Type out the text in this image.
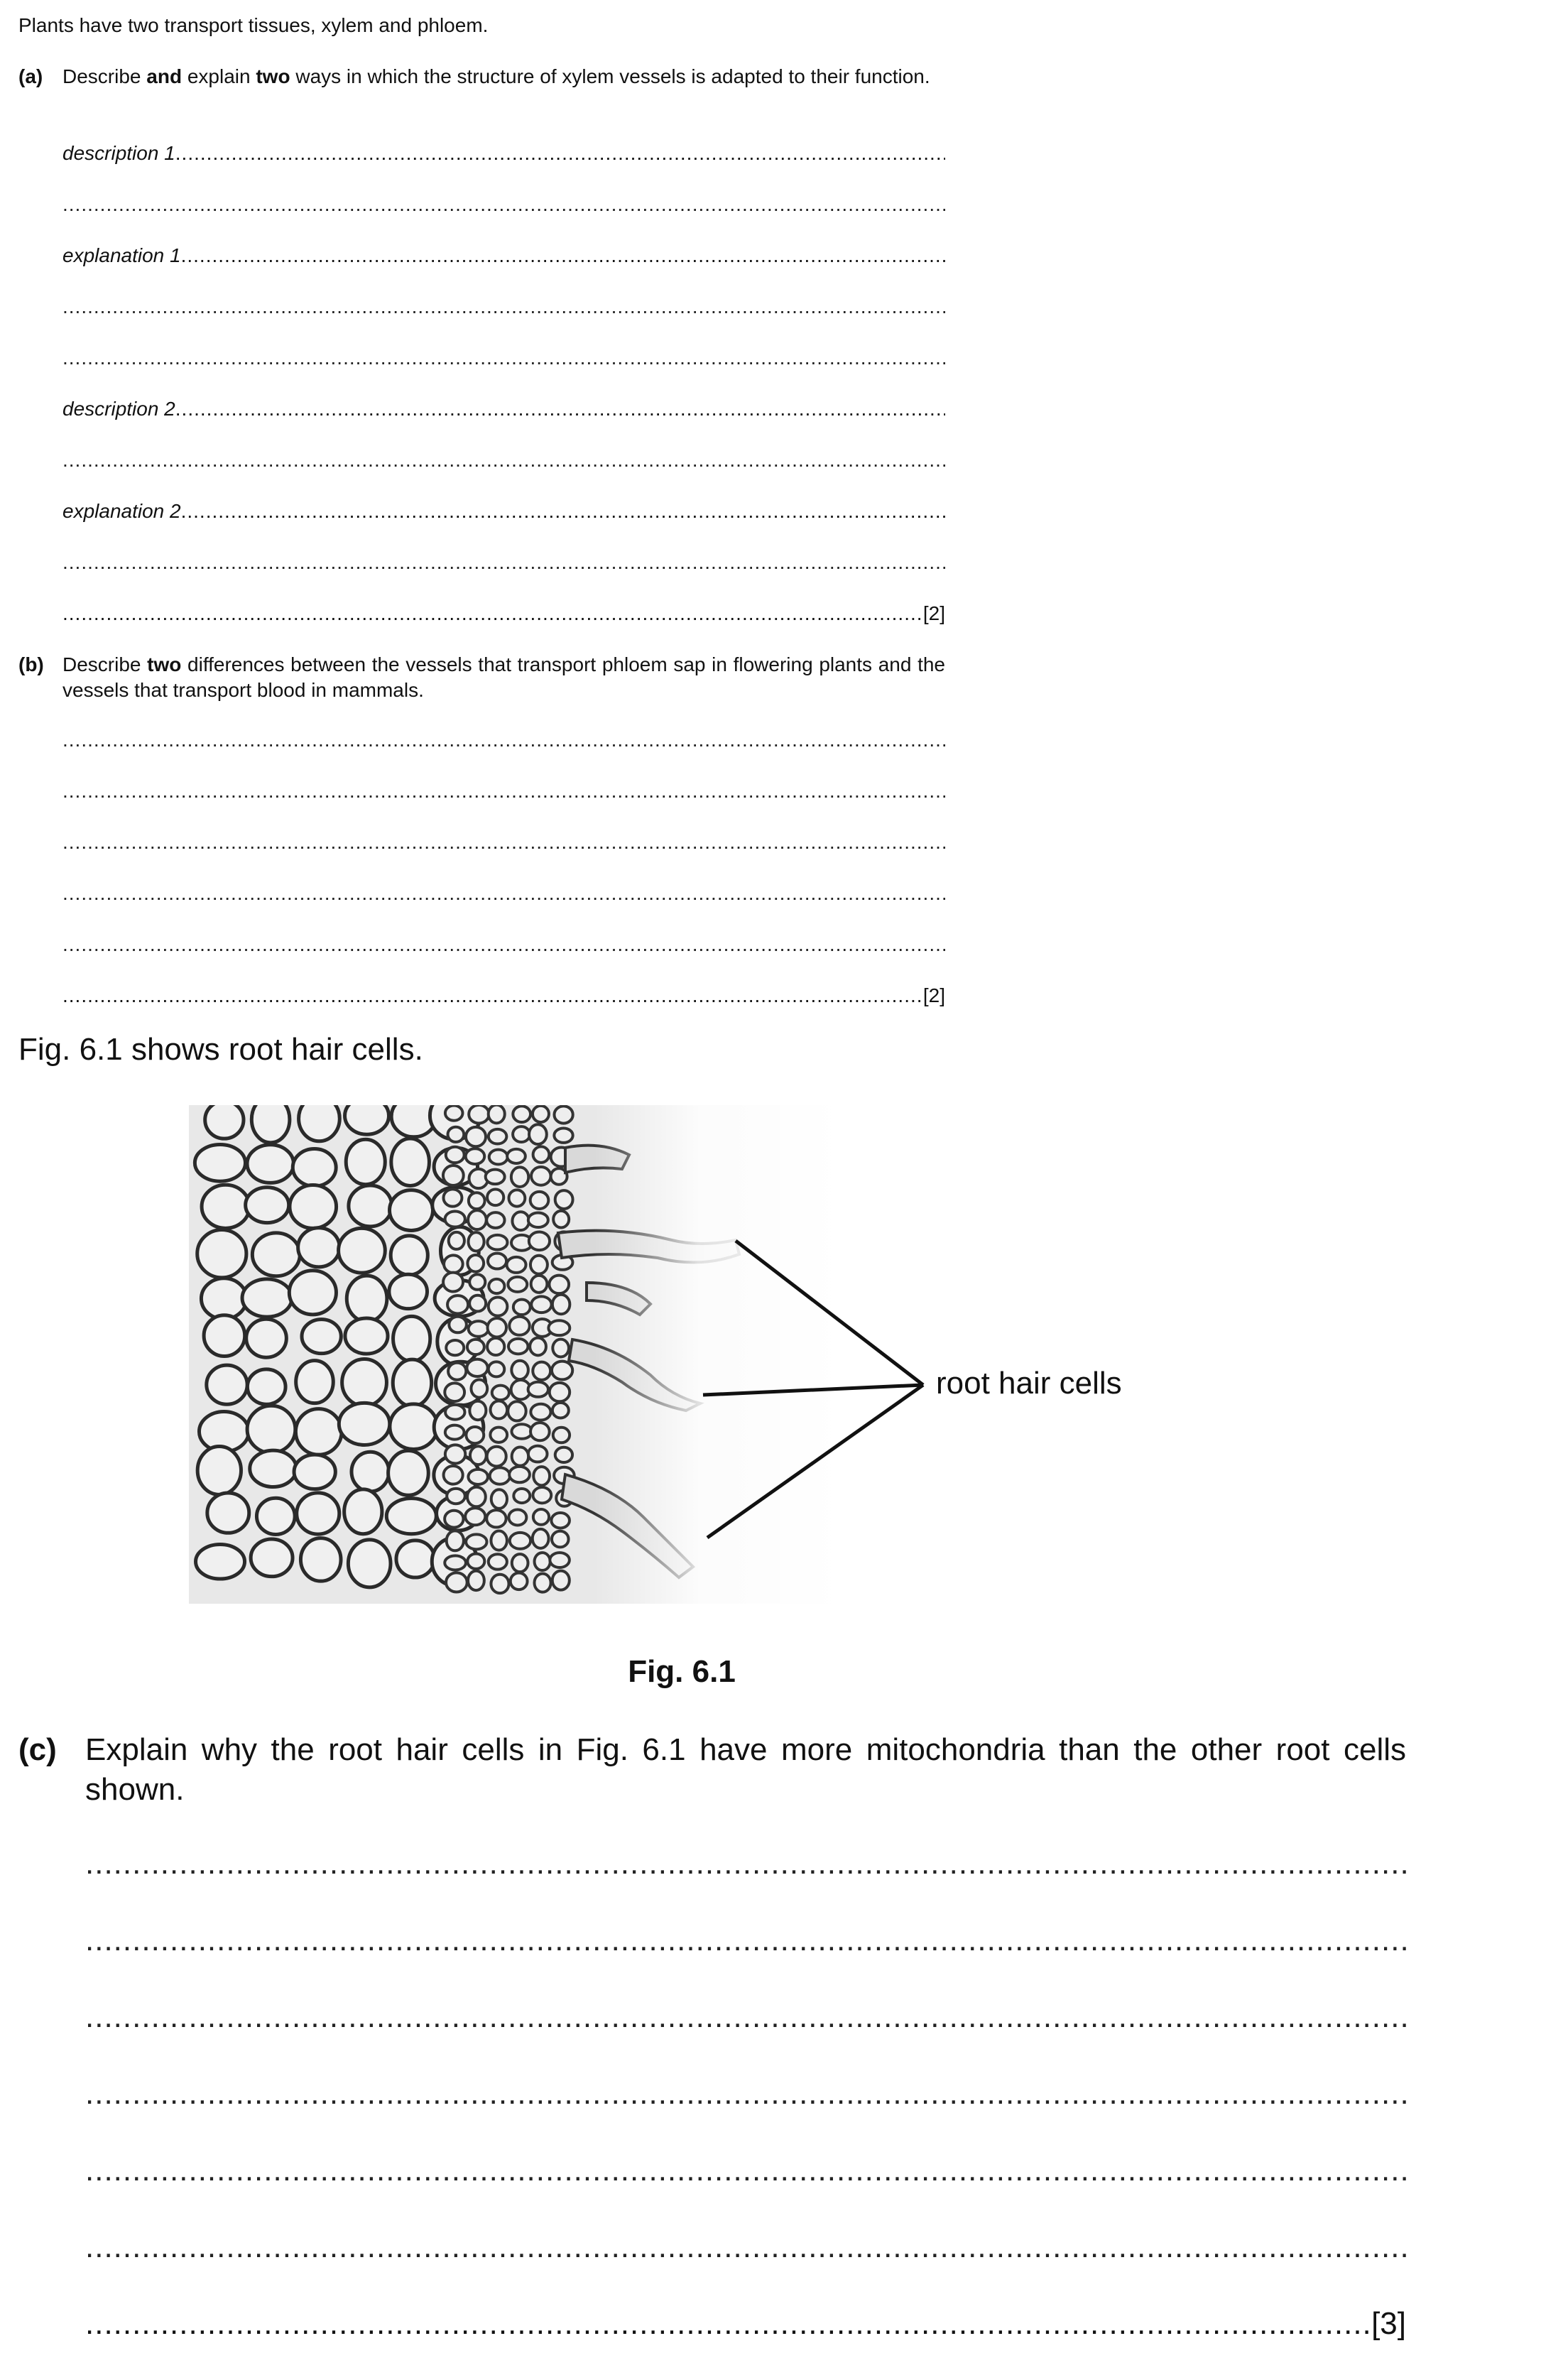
Plants have two transport tissues, xylem and phloem.
(a) Describe and explain two ways in which the structure of xylem vessels is adapted to their function.
description 1
.....
.....
explanation 1
.....
.....
.....
description 2
.....
.....
explanation 2
.....
.....
.....
[2]
(b) Describe two differences between the vessels that transport phloem sap in flowering plants and the vessels that transport blood in mammals.
.....
.....
.....
.....
.....
.....
[2]
Fig. 6.1 shows root hair cells.
root hair cells
Fig. 6.1
(c) Explain why the root hair cells in Fig. 6.1 have more mitochondria than the other root cells shown.
.....
.....
.....
.....
.....
.....
.....
[3]
